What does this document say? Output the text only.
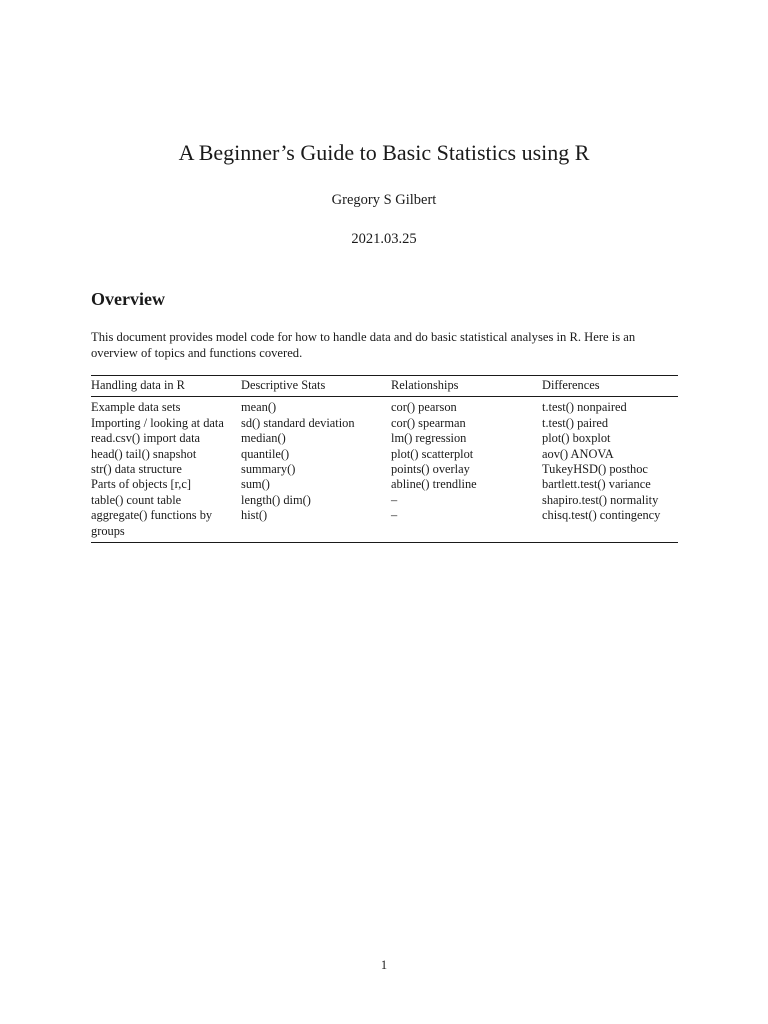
A Beginner’s Guide to Basic Statistics using R
Gregory S Gilbert
2021.03.25
Overview
This document provides model code for how to handle data and do basic statistical analyses in R. Here is an overview of topics and functions covered.
Handling data in R	Descriptive Stats	Relationships	Differences
Example data sets	mean()	cor() pearson	t.test() nonpaired
Importing / looking at data	sd() standard deviation	cor() spearman	t.test() paired
read.csv() import data	median()	lm() regression	plot() boxplot
head() tail() snapshot	quantile()	plot() scatterplot	aov() ANOVA
str() data structure	summary()	points() overlay	TukeyHSD() posthoc
Parts of objects [r,c]	sum()	abline() trendline	bartlett.test() variance
table() count table	length() dim()	–	shapiro.test() normality
aggregate() functions by groups	hist()	–	chisq.test() contingency
1
